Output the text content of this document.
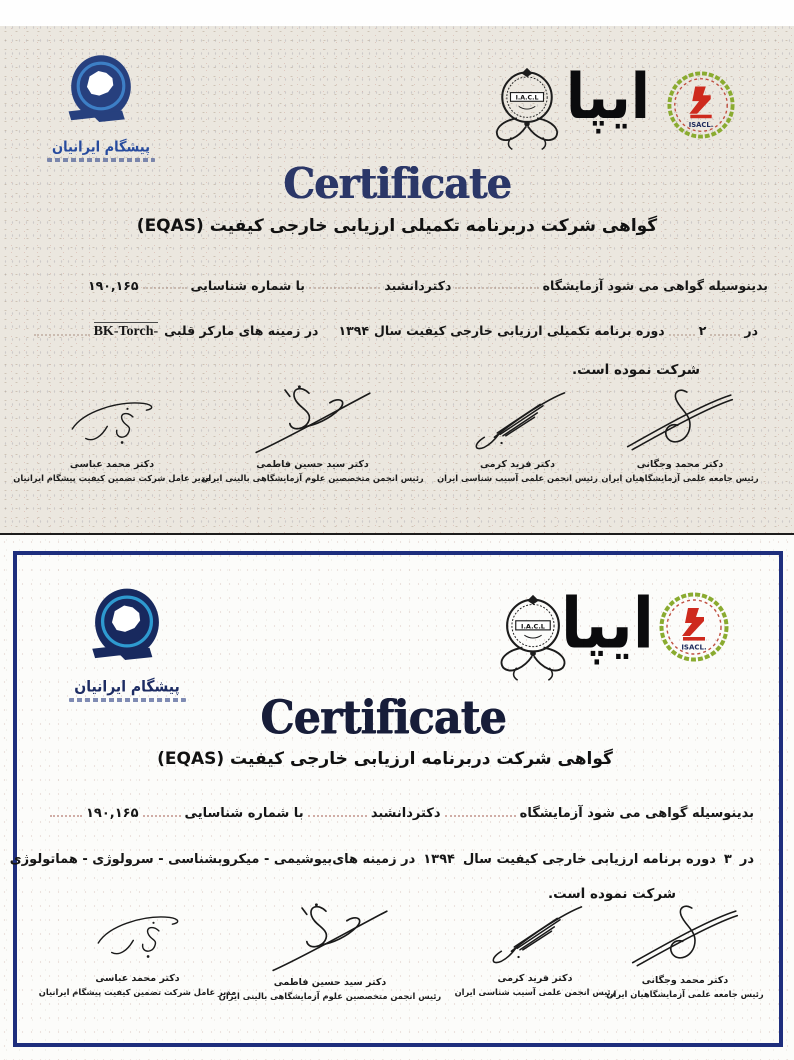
پیشگام ایرانیان
I.A.C.L ایپا	ISACL.
Certificate
گواهی شرکت دربرنامه تکمیلی ارزیابی خارجی کیفیت (EQAS)
بدینوسیله گواهی می شود آزمایشگاه
دکتردانشبد
با شماره شناسایی
۱۹۰,۱۶۵
در
۲
دوره برنامه تکمیلی ارزیابی خارجی کیفیت سال
۱۳۹۴
در زمینه های مارکر قلبی
BK-Torch-
شرکت نموده است.
دکتر محمد وجگانی
رئیس جامعه علمی آزمایشگاهیان ایران
دکتر فرید کرمی
رئیس انجمن علمی آسیب شناسی ایران
دکتر سید حسین فاطمی
رئیس انجمن متخصصین علوم آزمایشگاهی بالینی ایران
دکتر محمد عباسی
مدیر عامل شرکت تضمین کیفیت پیشگام ایرانیان
پیشگام ایرانیان
I.A.C.L ایپا	ISACL.
Certificate
گواهی شرکت دربرنامه ارزیابی خارجی کیفیت (EQAS)
بدینوسیله گواهی می شود آزمایشگاه
دکتردانشبد
با شماره شناسایی
۱۹۰,۱۶۵
در
۳
دوره برنامه ارزیابی خارجی کیفیت سال
۱۳۹۴
در زمینه های
بیوشیمی - میکروبشناسی - سرولوژی - هماتولوژی
شرکت نموده است.
دکتر محمد وجگانی
رئیس جامعه علمی آزمایشگاهیان ایران
دکتر فرید کرمی
رئیس انجمن علمی آسیب شناسی ایران
دکتر سید حسین فاطمی
رئیس انجمن متخصصین علوم آزمایشگاهی بالینی ایران
دکتر محمد عباسی
مدیر عامل شرکت تضمین کیفیت پیشگام ایرانیان
